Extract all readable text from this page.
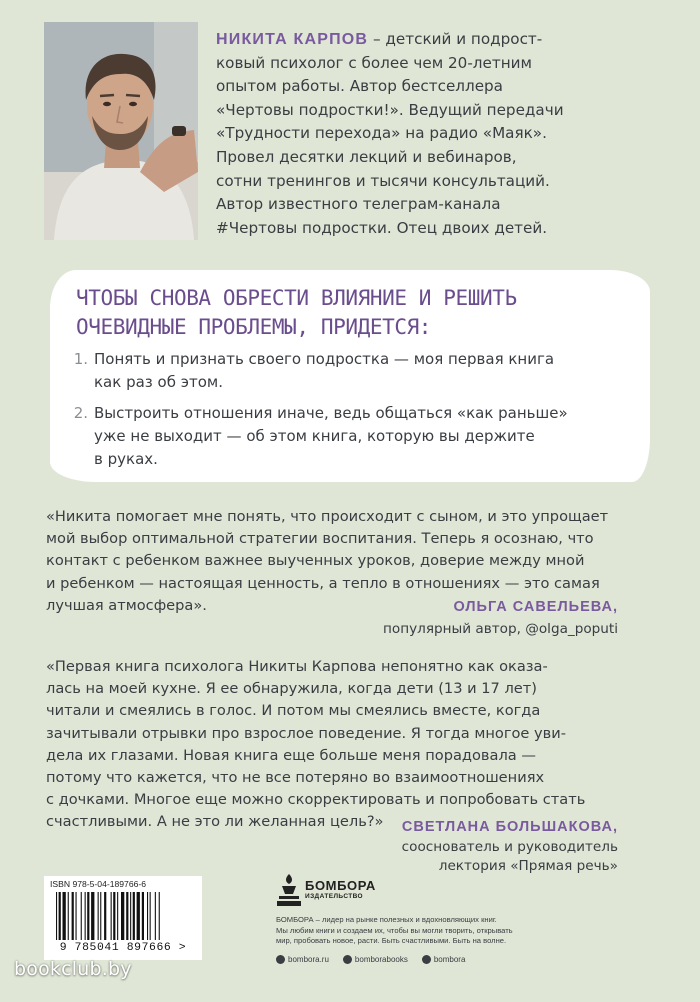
НИКИТА КАРПОВ – детский и подрост-
ковый психолог с более чем 20-летним
опытом работы. Автор бестселлера
«Чертовы подростки!». Ведущий передачи
«Трудности перехода» на радио «Маяк».
Провел десятки лекций и вебинаров,
сотни тренингов и тысячи консультаций.
Автор известного телеграм-канала
#Чертовы подростки. Отец двоих детей.
ЧТОБЫ СНОВА ОБРЕСТИ ВЛИЯНИЕ И РЕШИТЬ
ОЧЕВИДНЫЕ ПРОБЛЕМЫ, ПРИДЕТСЯ:
1. Понять и признать своего подростка — моя первая книга
как раз об этом.
2. Выстроить отношения иначе, ведь общаться «как раньше»
уже не выходит — об этом книга, которую вы держите
в руках.
«Никита помогает мне понять, что происходит с сыном, и это упрощает
мой выбор оптимальной стратегии воспитания. Теперь я осознаю, что
контакт с ребенком важнее выученных уроков, доверие между мной
и ребенком — настоящая ценность, а тепло в отношениях — это самая
лучшая атмосфера».	ОЛЬГА САВЕЛЬЕВА,
популярный автор, @olga_poputi
«Первая книга психолога Никиты Карпова непонятно как оказа-
лась на моей кухне. Я ее обнаружила, когда дети (13 и 17 лет)
читали и смеялись в голос. И потом мы смеялись вместе, когда
зачитывали отрывки про взрослое поведение. Я тогда многое уви-
дела их глазами. Новая книга еще больше меня порадовала —
потому что кажется, что не все потеряно во взаимоотношениях
с дочками. Многое еще можно скорректировать и попробовать стать
счастливыми. А не это ли желанная цель?»	СВЕТЛАНА БОЛЬШАКОВА,
сооснователь и руководитель
лектория «Прямая речь»
ISBN 978-5-04-189766-6
9 785041 897666 >
БОМБОРА
ИЗДАТЕЛЬСТВО
БОМБОРА – лидер на рынке полезных и вдохновляющих книг.
Мы любим книги и создаем их, чтобы вы могли творить, открывать
мир, пробовать новое, расти. Быть счастливыми. Быть на волне.
bombora.ru	bomborabooks	bombora
bookclub.by
